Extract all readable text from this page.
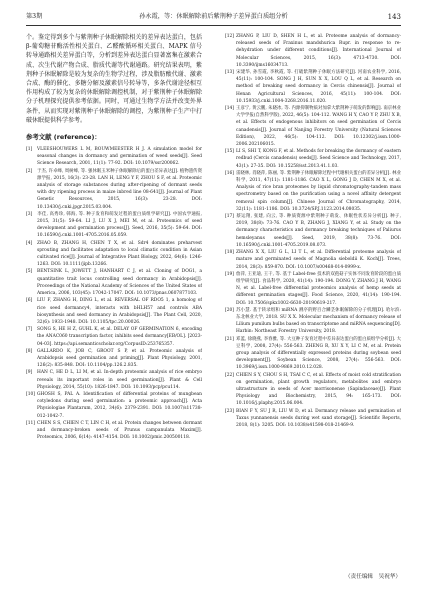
第3期	孙永霞，等：休眠解除前后紫荆种子差异蛋白质组分析	143

个。鉴定得到多个与紫荆种子休眠解除相关的差异表达蛋白，包括β-葡萄糖苷酶活性相关蛋白、乙醛酸循环相关蛋白、MAPK 信号转导通路相关差异蛋白等，分析到差异表达蛋白显著富集在激素合成、次生代谢产物合成、脂质代谢等代谢通路。研究结果表明，紫荆种子休眠解除是较为复杂的生物学过程，涉及脂肪酸代谢、激素合成、酶的催化、多糖分解及激素信号转导等，多条代谢途径相互作用构成了较为复杂的休眠解除调控机制，对于紫荆种子休眠解除分子机理探究提供参考依据。同时，可通过生物学方法并改变外界条件，从而实现对紫荆种子休眠解除的调控，为紫荆种子生产中打破休眠提供科学参考。

参考文献 (reference)：

[1] VLEESHOUWERS L M, BOUWMEESTER H J. A simulation model for seasonal changes in dormancy and germination of weed seeds[J]. Seed Science Research, 2001, 11(1): 77-92. DOI: 10.1079/ssr200062.

[2] 于杰, 许卓峰, 周树峰, 等. 强休眠玉米种子休眠解除后的蛋白差异表达[J]. 植物遗传资源学报, 2015, 16(3): 23-28. LAN H, LENG Y F, ZHOU S F, et al. Proteomic analysis of storage substances during after-ripening of dormant seeds with dry ripening process in maize inbred line 08-641[J]. Journal of Plant Genetic Resources, 2015, 16(3): 23-28. DOI: 10.13430/j.cnki.jpgr.2015.03.004.

[3] 李佳, 高秀珍, 韩海, 等. 种子发育和萌发过程的蛋白质组学研究[J]. 中国农学通报, 2015, 31(5): 59-64. LI J, LU X J, MEI M, et al. Proteomics of seed development and germination process[J]. Seed, 2016, 35(5): 59-64. DOI: 10.16590/j.cnki.1001-4705.2016.05.059.

[4] ZHAO B, ZHANG H, CHEN T X, et al. Sdr4 dominates preharvest sprouting and facilitates adaptation to local climatic condition in Asian cultivated rice[J]. Journal of Integrative Plant Biology, 2022, 64(6): 1246-1263. DOI: 10.1111/jipb.13266.

[5] BENTSINK L, JOWETT J, HANHART C J, et al. Cloning of DOG1, a quantitative trait locus controlling seed dormancy in Arabidopsis[J]. Proceedings of the National Academy of Sciences of the United States of America, 2006, 103(45): 17042-17047. DOI: 10.1073/pnas.0607877103.

[6] LIU F, ZHANG H, DING L, et al. REVERSAL OF RDO5 1, a homolog of rice seed dormancy4, interacts with bHLH57 and controls ABA biosynthesis and seed dormancy in Arabidopsis[J]. The Plant Cell, 2020, 32(6): 1933-1948. DOI: 10.1105/tpc.20.00026.

[7] SONG S, HE H Z, GUHL K, et al. DELAY OF GERMINATION 6, encoding the ANAC060 transcription factor, inhibits seed dormancy[EB/OL]. [2023-04-03]. https://api.semanticscholar.org/CorpusID:253765357.

[8] GALLARDO K, JOB C, GROOT S P, et al. Proteomic analysis of Arabidopsis seed germination and priming[J]. Plant Physiology, 2001, 126(2): 835-848. DOI: 10.1104/pp.126.2.835.

[9] HAN C, HE D L, LI M, et al. In-depth proteomic analysis of rice embryo reveals its important roles in seed germination[J]. Plant & Cell Physiology, 2014, 55(10): 1826-1847. DOI: 10.1093/pcp/pcu114.

[10] GHOSH S, PAL A. Identification of differential proteins of mungbean cotyledons during seed germination: a proteomic approach[J]. Acta Physiologiae Plantarum, 2012, 34(6): 2379-2391. DOI: 10.1007/s11738-012-1042-7.

[11] CHEN S S, CHIEN C T, LIN C H, et al. Protein changes between dormant and dormancy-broken seeds of Prunus campanulata Maxim[J]. Proteomics, 2006, 6(14): 4147-4154. DOI: 10.1002/pmic.200500118.

[12] ZHANG P, LIU D, SHEN H L, et al. Proteome analysis of dormancy-released seeds of Fraxinus mandshurica Rupr. in response to re-dehydration under different conditions[J]. International Journal of Molecular Sciences, 2015, 16(3): 4713-4730. DOI: 10.3390/ijms16034713.

[13] 宋建华, 孙雪霞, 李秋霞, 等. 打破紫荆种子休眠方法研究[J]. 河南农业科学, 2016, 45(11): 100-104. SONG J H, SUN X X, LOU Q L, et al. Research on method of breaking seed dormancy in Cercis chinensis[J]. Journal of Henan Agricultural Sciences, 2016, 45(11): 100-104. DOI: 10.15933/j.cnki.1004-3268.2016.11.020.

[14] 王彦宁, 黄云鹏, 朱晓冰, 等. 内源抑制物质对加拿大紫荆种子萌发的影响[J]. 南京林业大学学报(自然科学版), 2022, 46(5): 104-112. WANG H Y, CAO Y P, ZHU X B, et al. Effects of endogenous inhibitors on seed germination of Cercis canadensis[J]. Journal of Nanjing Forestry University (Natural Sciences Edition), 2022, 46(5): 104-112. DOI: 10.12302/j.issn.1000-2006.202106015.

[15] LI S, SHI T, KONG F, et al. Methods for breaking the dormancy of eastern redbud (Cercis canadensis) seeds[J]. Seed Science and Technology, 2017, 43(1): 27-35. DOI: 10.15258/sst.2013.41.1.03.

[16] 雷晓林, 肖晓萍, 陈丽, 等. 紫荆种子休眠解除过程中代谢相关蛋白的差异分析[J]. 林业科学, 2011, 47(11): 1181-1186. CAO X L, GONG J D, CHEN M X, et al. Analysis of rice bran proteomes by liquid chromatography-tandem mass spectrometry based on the purification using a novel affinity detergent removal spin column[J]. Chinese Journal of Chromatography, 2014, 32(11): 1181-1186. DOI: 10.3724/SP.J.1123.2014.08035.

[17] 蔡运翔, 张建, 向云, 等. 种质资源中紫荆种子萌发、休眠性状差异分析[J]. 种子, 2019, 38(8): 73-76. CAO Y B, ZHANG J, XIANG Y, et al. Study on the dormancy characteristics and dormancy breaking techniques of Paliurus hemsleyanus seeds[J]. Seed, 2019, 38(8): 73-76. DOI: 10.16590/j.cnki.1001-4705.2019.08.073.

[18] ZHANG X X, LIU G L, LI T L, et al. Differential proteome analysis of mature and germinated seeds of Magnolia sieboldii K. Koch[J]. Trees, 2014, 28(3): 859-870. DOI: 10.1007/s00468-014-0999-x.

[19] 詹萍, 王亚迪, 王干, 等. 基于 Label-free 技术的双孢菇子实体不同发育阶段的蛋白质组学研究[J]. 食品科学, 2020, 41(14): 190-194. DONG Y, ZHANG J H, WANG N, et al. Label-free differential proteomics analysis of hemp seeds at different germination stages[J]. Food Science, 2020, 41(14): 190-194. DOI: 10.7506/spkx1002-6630-20190619-217.

[20] 苏小慧. 基于转录组和 miRNA 测序的野百合鳞茎休眠解除的分子机理[D]. 哈尔滨: 东北林业大学, 2018. SU X X. Molecular mechanism of dormancy release of Lilium pumilum bulbs based on transcriptome and miRNA sequencing[D]. Harbin: Northeast Forestry University, 2018.

[21] 邓蓝, 徐晓燕, 李春雅, 等. 大豆种子发育过程中差异表达蛋白的蛋白质组学分析[J]. 大豆科学, 2008, 27(4): 556-563. ZHENG R, XU X Y, LI C M, et al. Protein group analysis of differentially expressed proteins during soybean seed development[J]. Soybean Science, 2008, 27(4): 556-563. DOI: 10.3969/j.issn.1000-9869.2010.12.028.

[22] CHIEN S Y, CHOU S H, TSAI C C, et al. Effects of moist cold stratification on germination, plant growth regulators, metabolites and embryo ultrastructure in seeds of Acer morrisonense (Sapindaceae)[J]. Plant Physiology and Biochemistry, 2015, 94: 165-173. DOI: 10.1016/j.plaphy.2015.06.004.

[23] BIAN F Y, SU J R, LIU W D, et al. Dormancy release and germination of Taxus yunnanensis seeds during wet sand storage[J]. Scientific Reports, 2018, 8(1): 3205. DOI: 10.1038/s41598-018-21469-9.

（责任编辑　吴祝华）
